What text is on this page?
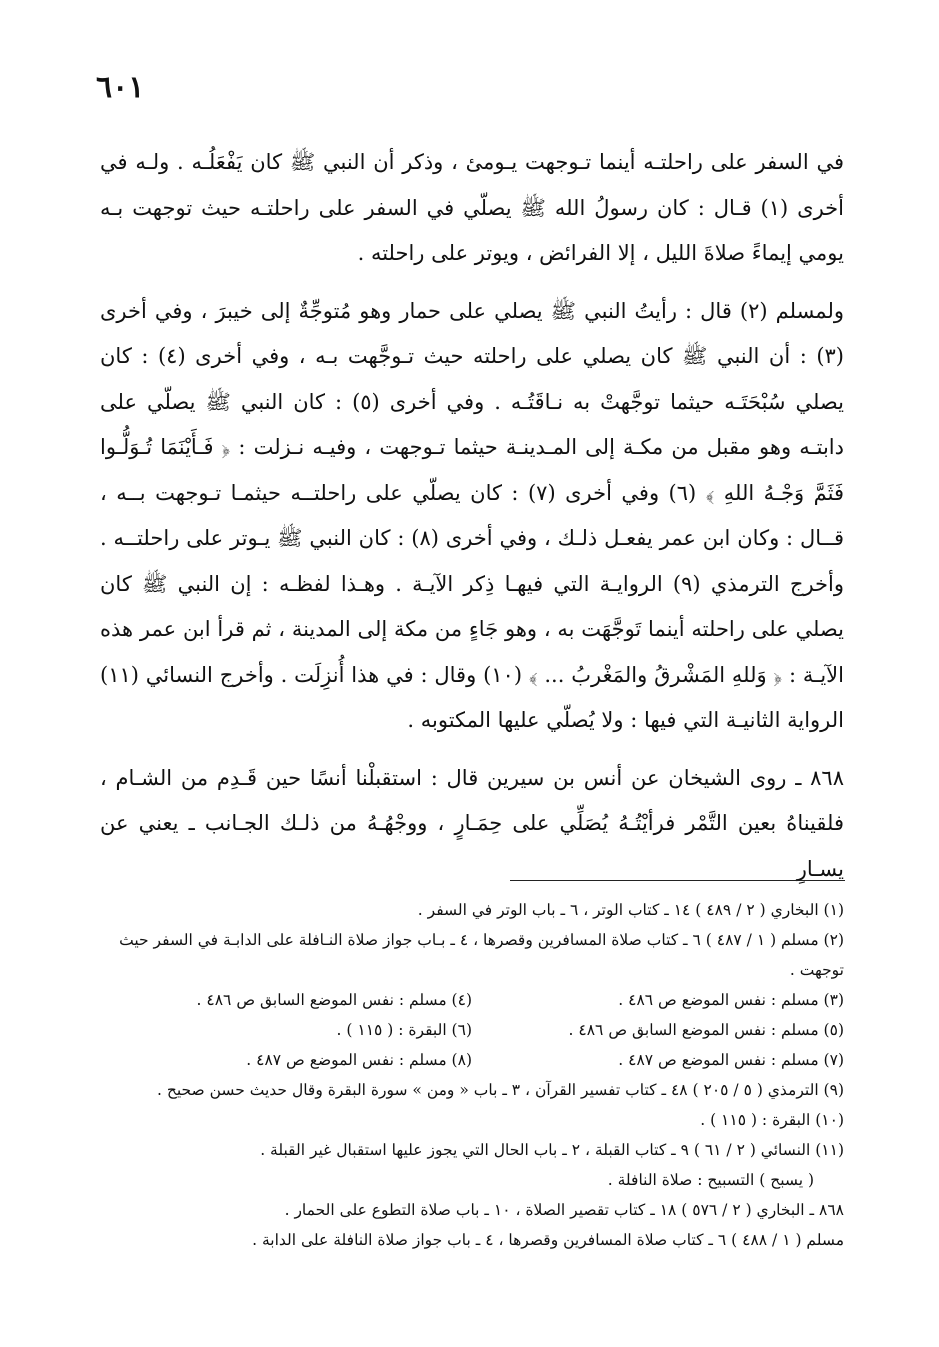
٦٠١

في السفر على راحلتـه أينما تـوجهت يـومئ ، وذكر أن النبي ﷺ كان يَفْعَلُـه . ولـه في أخرى (١) قـال : كان رسولُ الله ﷺ يصلّي في السفر على راحلتـه حيث توجهت بـه يومي إيماءً صلاةَ الليل ، إلا الفرائض ، ويوتر على راحلته .

ولمسلم (٢) قال : رأيتُ النبي ﷺ يصلي على حمار وهو مُتوجِّةٌ إلى خيبرَ ، وفي أخرى (٣) : أن النبي ﷺ كان يصلي على راحلته حيث تـوجَّهت بـه ، وفي أخرى (٤) : كان يصلي سُبْحَتَـه حيثما توجَّهتْ به نـاقَتُـه . وفي أخرى (٥) : كان النبي ﷺ يصلّي على دابتـه وهو مقبل من مكـة إلى المـدينـة حيثما تـوجهت ، وفيـه نـزلت : ﴿ فَـأَيْنَمَا تُـوَلُّـوا فَثَمَّ وَجْـهُ اللهِ ﴾ (٦) وفي أخرى (٧) : كان يصلّي على راحلتــه حيثمـا تـوجهت بــه ، قــال : وكان ابن عمر يفعـل ذلـك ، وفي أخرى (٨) : كان النبي ﷺ يـوتر على راحلتــه . وأخرج الترمذي (٩) الروايـة التي فيهـا ذِكر الآيـة . وهـذا لفظـه : إن النبي ﷺ كان يصلي على راحلته أينما تَوجَّهَت به ، وهو جَاءٍ من مكة إلى المدينة ، ثم قرأ ابن عمر هذه الآيـة : ﴿ وَللهِ المَشْرقُ والمَغْربُ ... ﴾ (١٠) وقال : في هذا أُنزِلَت . وأخرج النسائي (١١) الرواية الثانيـة التي فيها : ولا يُصلّي عليها المكتوبه .

٨٦٨ ـ روى الشيخان عن أنس بن سيرين قال : استقبلْنا أنسًا حين قَـدِم من الشـام ، فلقيناهُ بعين التَّمْر فرأيْتُـهُ يُصَلِّي على حِمَـارٍ ، ووجْهُـهُ من ذلـك الجـانب ـ يعني عن يسـارِ

(١) البخاري ( ٢ / ٤٨٩ ) ١٤ ـ كتاب الوتر ، ٦ ـ باب الوتر في السفر .
(٢) مسلم ( ١ / ٤٨٧ ) ٦ ـ كتاب صلاة المسافرين وقصرها ، ٤ ـ بـاب جواز صلاة النـافلة على الدابـة في السفر حيث توجهت .
(٣) مسلم : نفس الموضع ص ٤٨٦ .
(٤) مسلم : نفس الموضع السابق ص ٤٨٦ .
(٥) مسلم : نفس الموضع السابق ص ٤٨٦ .
(٦) البقرة : ( ١١٥ ) .
(٧) مسلم : نفس الموضع ص ٤٨٧ .
(٨) مسلم : نفس الموضع ص ٤٨٧ .
(٩) الترمذي ( ٥ / ٢٠٥ ) ٤٨ ـ كتاب تفسير القرآن ، ٣ ـ باب « ومن » سورة البقرة وقال حديث حسن صحيح .
(١٠) البقرة : ( ١١٥ ) .
(١١) النسائي ( ٢ / ٦١ ) ٩ ـ كتاب القبلة ، ٢ ـ باب الحال التي يجوز عليها استقبال غير القبلة .
( يسبح ) التسبيح : صلاة النافلة .
٨٦٨ ـ البخاري ( ٢ / ٥٧٦ ) ١٨ ـ كتاب تقصير الصلاة ، ١٠ ـ باب صلاة التطوع على الحمار .
مسلم ( ١ / ٤٨٨ ) ٦ ـ كتاب صلاة المسافرين وقصرها ، ٤ ـ باب جواز صلاة النافلة على الدابة .
